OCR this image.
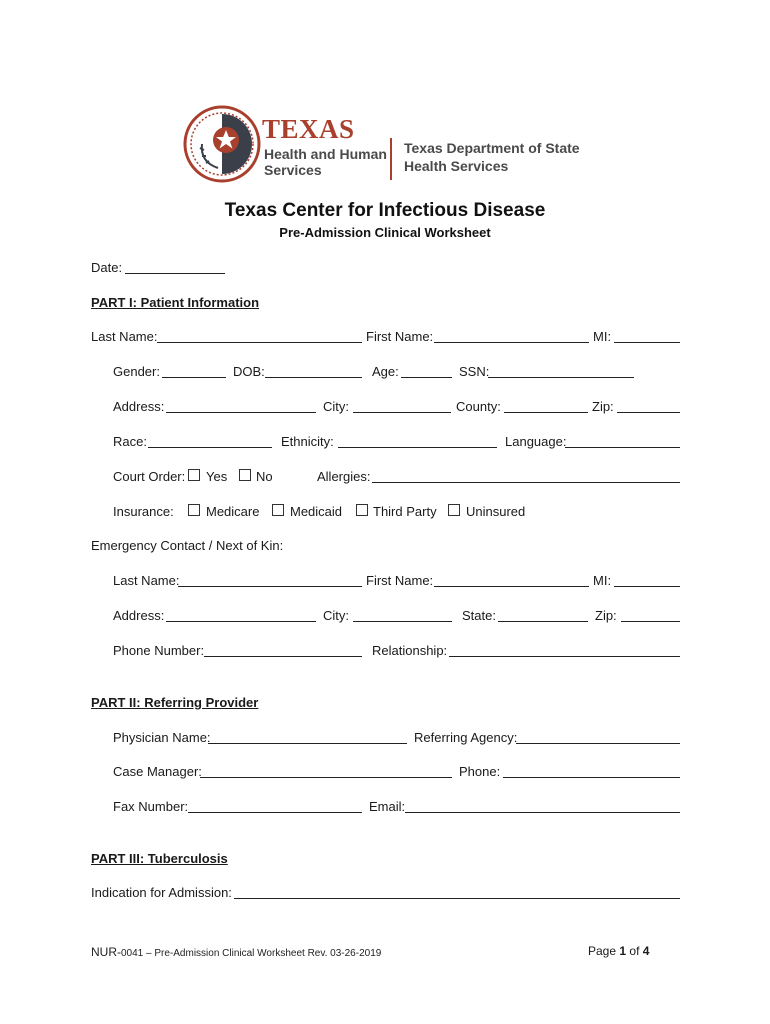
TEXAS
Health and Human
Services
Texas Department of State
Health Services
Texas Center for Infectious Disease
Pre-Admission Clinical Worksheet
Date:
PART I: Patient Information
Last Name:	First Name:	MI:
Gender:	DOB:	Age:	SSN:
Address:	City:	County:	Zip:
Race:	Ethnicity:	Language:
Court Order: Yes No	Allergies:
Insurance: Medicare Medicaid Third Party Uninsured
Emergency Contact / Next of Kin:
Last Name:	First Name:	MI:
Address:	City:	State:	Zip:
Phone Number:	Relationship:
PART II: Referring Provider
Physician Name:	Referring Agency:
Case Manager:	Phone:
Fax Number:	Email:
PART III: Tuberculosis
Indication for Admission:
NUR-0041 – Pre-Admission Clinical Worksheet Rev. 03-26-2019	Page 1 of 4
